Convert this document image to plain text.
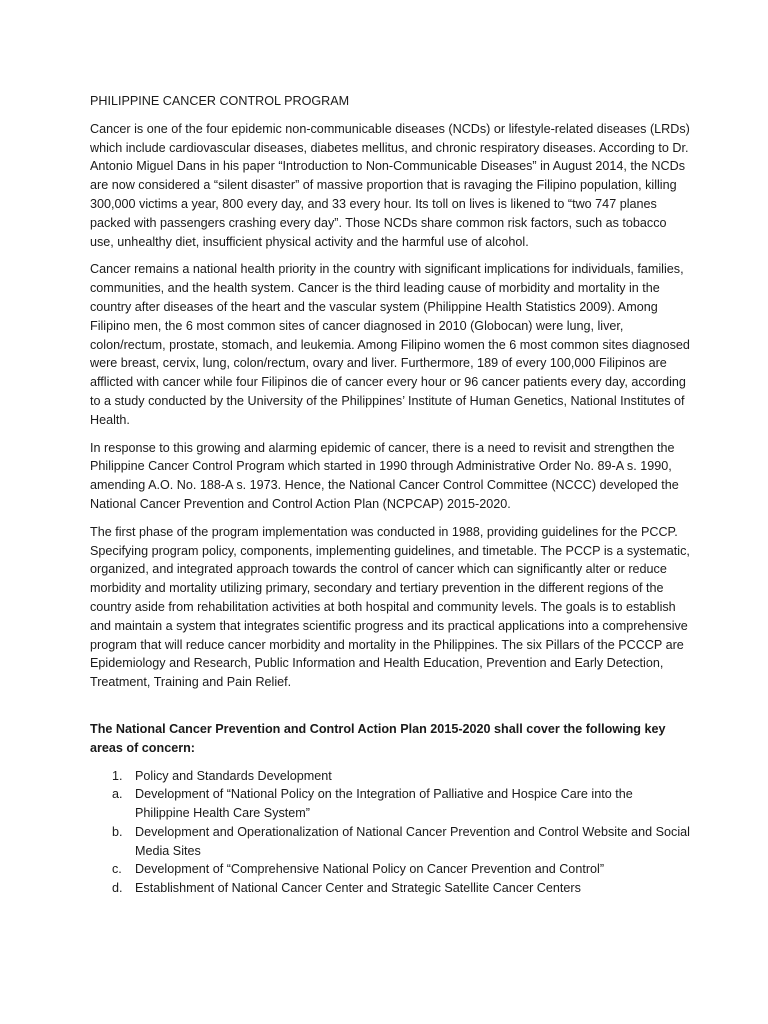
PHILIPPINE CANCER CONTROL PROGRAM

Cancer is one of the four epidemic non-communicable diseases (NCDs) or lifestyle-related diseases (LRDs) which include cardiovascular diseases, diabetes mellitus, and chronic respiratory diseases. According to Dr. Antonio Miguel Dans in his paper “Introduction to Non-Communicable Diseases” in August 2014, the NCDs are now considered a “silent disaster” of massive proportion that is ravaging the Filipino population, killing 300,000 victims a year, 800 every day, and 33 every hour. Its toll on lives is likened to “two 747 planes packed with passengers crashing every day”. Those NCDs share common risk factors, such as tobacco use, unhealthy diet, insufficient physical activity and the harmful use of alcohol.

Cancer remains a national health priority in the country with significant implications for individuals, families, communities, and the health system. Cancer is the third leading cause of morbidity and mortality in the country after diseases of the heart and the vascular system (Philippine Health Statistics 2009). Among Filipino men, the 6 most common sites of cancer diagnosed in 2010 (Globocan) were lung, liver, colon/rectum, prostate, stomach, and leukemia. Among Filipino women the 6 most common sites diagnosed were breast, cervix, lung, colon/rectum, ovary and liver. Furthermore, 189 of every 100,000 Filipinos are afflicted with cancer while four Filipinos die of cancer every hour or 96 cancer patients every day, according to a study conducted by the University of the Philippines’ Institute of Human Genetics, National Institutes of Health.

In response to this growing and alarming epidemic of cancer, there is a need to revisit and strengthen the Philippine Cancer Control Program which started in 1990 through Administrative Order No. 89-A s. 1990, amending A.O. No. 188-A s. 1973. Hence, the National Cancer Control Committee (NCCC) developed the National Cancer Prevention and Control Action Plan (NCPCAP) 2015-2020.

The first phase of the program implementation was conducted in 1988, providing guidelines for the PCCP. Specifying program policy, components, implementing guidelines, and timetable. The PCCP is a systematic, organized, and integrated approach towards the control of cancer which can significantly alter or reduce morbidity and mortality utilizing primary, secondary and tertiary prevention in the different regions of the country aside from rehabilitation activities at both hospital and community levels. The goals is to establish and maintain a system that integrates scientific progress and its practical applications into a comprehensive program that will reduce cancer morbidity and mortality in the Philippines. The six Pillars of the PCCCP are Epidemiology and Research, Public Information and Health Education, Prevention and Early Detection, Treatment, Training and Pain Relief.

The National Cancer Prevention and Control Action Plan 2015-2020 shall cover the following key areas of concern:
1. Policy and Standards Development
a. Development of “National Policy on the Integration of Palliative and Hospice Care into the Philippine Health Care System”
b. Development and Operationalization of National Cancer Prevention and Control Website and Social Media Sites
c.	Development of “Comprehensive National Policy on Cancer Prevention and Control”
d. Establishment of National Cancer Center and Strategic Satellite Cancer Centers
